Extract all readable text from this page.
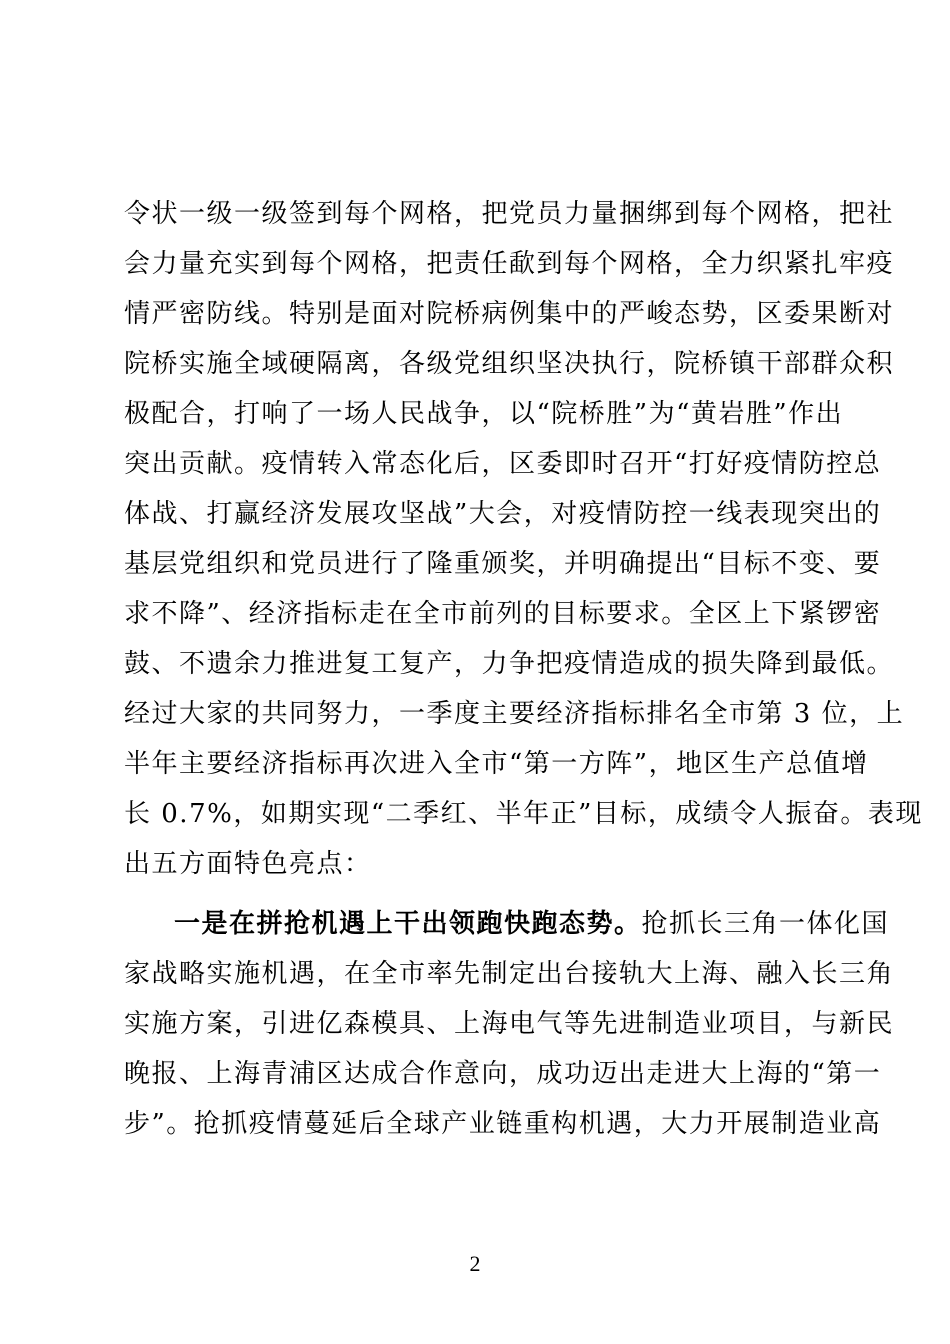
令状一级一级签到每个网格，把党员力量捆绑到每个网格，把社
会力量充实到每个网格，把责任歃到每个网格，全力织紧扎牢疫
情严密防线。特别是面对院桥病例集中的严峻态势，区委果断对
院桥实施全域硬隔离，各级党组织坚决执行，院桥镇干部群众积
极配合，打响了一场人民战争，以“院桥胜”为“黄岩胜”作出
突出贡献。疫情转入常态化后，区委即时召开“打好疫情防控总
体战、打赢经济发展攻坚战”大会，对疫情防控一线表现突出的
基层党组织和党员进行了隆重颁奖，并明确提出“目标不变、要
求不降”、经济指标走在全市前列的目标要求。全区上下紧锣密
鼓、不遗余力推进复工复产，力争把疫情造成的损失降到最低。
经过大家的共同努力，一季度主要经济指标排名全市第 3 位，上
半年主要经济指标再次进入全市“第一方阵”，地区生产总值增
长 0.7%，如期实现“二季红、半年正”目标，成绩令人振奋。表现
出五方面特色亮点：
一是在拼抢机遇上干出领跑快跑态势。抢抓长三角一体化国
家战略实施机遇，在全市率先制定出台接轨大上海、融入长三角
实施方案，引进亿森模具、上海电气等先进制造业项目，与新民
晚报、上海青浦区达成合作意向，成功迈出走进大上海的“第一
步”。抢抓疫情蔓延后全球产业链重构机遇，大力开展制造业高
2
